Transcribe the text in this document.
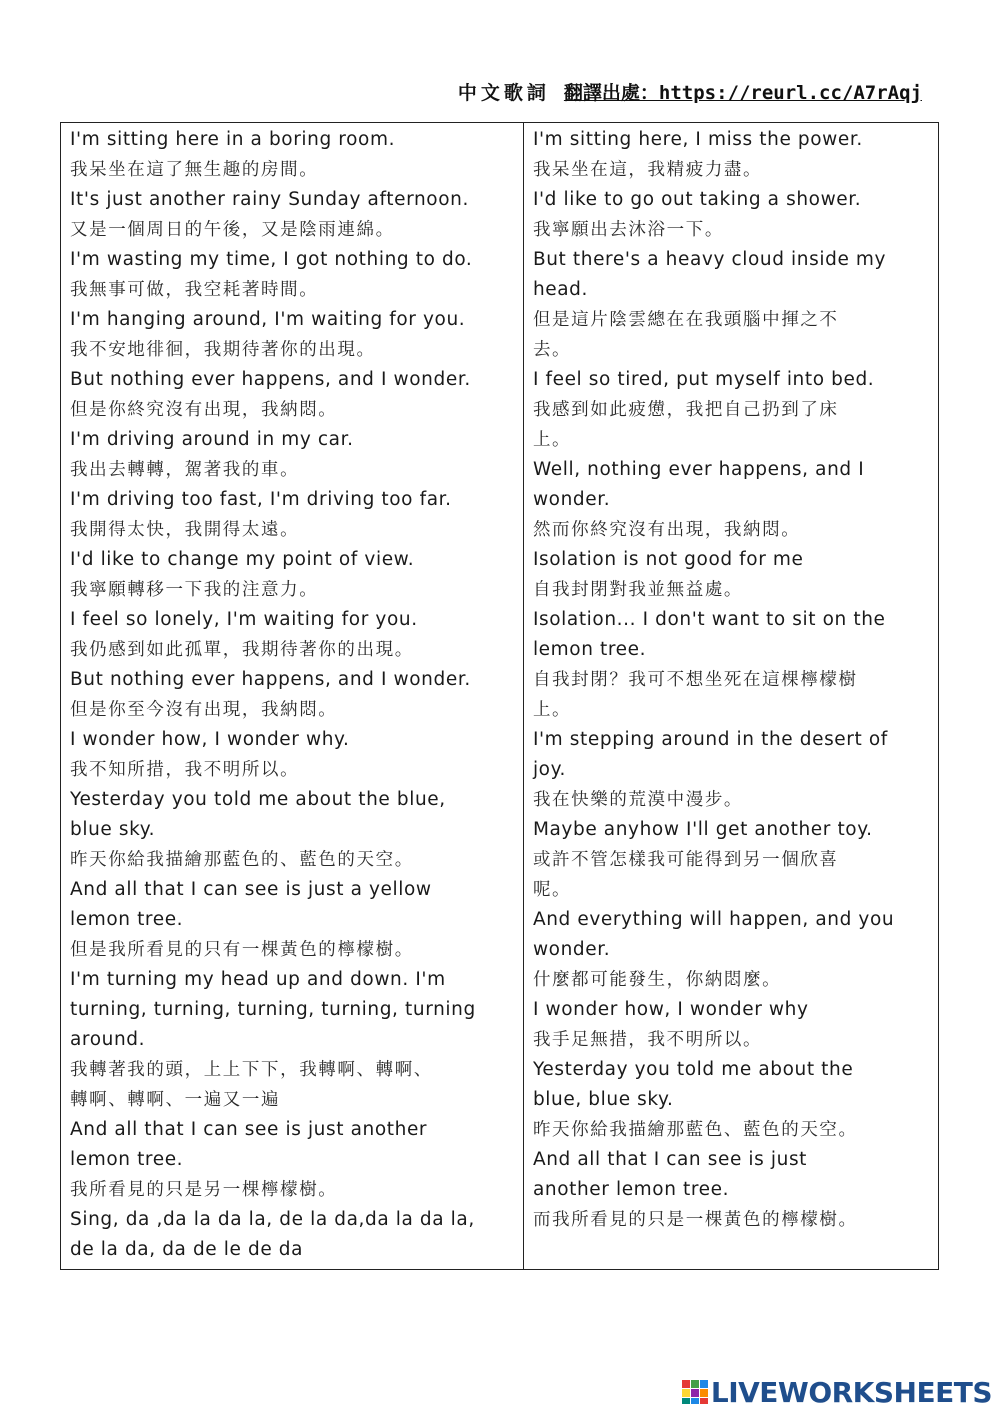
中文歌詞 翻譯出處：https://reurl.cc/A7rAqj
I'm sitting here in a boring room.
我呆坐在這了無生趣的房間。
It's just another rainy Sunday afternoon.
又是一個周日的午後，又是陰雨連綿。
I'm wasting my time, I got nothing to do.
我無事可做，我空耗著時間。
I'm hanging around, I'm waiting for you.
我不安地徘徊，我期待著你的出現。
But nothing ever happens, and I wonder.
但是你終究沒有出現，我納悶。
I'm driving around in my car.
我出去轉轉，駕著我的車。
I'm driving too fast, I'm driving too far.
我開得太快，我開得太遠。
I'd like to change my point of view.
我寧願轉移一下我的注意力。
I feel so lonely, I'm waiting for you.
我仍感到如此孤單，我期待著你的出現。
But nothing ever happens, and I wonder.
但是你至今沒有出現，我納悶。
I wonder how, I wonder why.
我不知所措，我不明所以。
Yesterday you told me about the blue,
blue sky.
昨天你給我描繪那藍色的、藍色的天空。
And all that I can see is just a yellow
lemon tree.
但是我所看見的只有一棵黃色的檸檬樹。
I'm turning my head up and down. I'm
turning, turning, turning, turning, turning
around.
我轉著我的頭，上上下下，我轉啊、轉啊、
轉啊、轉啊、一遍又一遍
And all that I can see is just another
lemon tree.
我所看見的只是另一棵檸檬樹。
Sing, da ,da la da la, de la da,da la da la,
de la da, da de le de da
I'm sitting here, I miss the power.
我呆坐在這，我精疲力盡。
I'd like to go out taking a shower.
我寧願出去沐浴一下。
But there's a heavy cloud inside my
head.
但是這片陰雲總在在我頭腦中揮之不
去。
I feel so tired, put myself into bed.
我感到如此疲憊，我把自己扔到了床
上。
Well, nothing ever happens, and I
wonder.
然而你終究沒有出現，我納悶。
Isolation is not good for me
自我封閉對我並無益處。
Isolation... I don't want to sit on the
lemon tree.
自我封閉？我可不想坐死在這棵檸檬樹
上。
I'm stepping around in the desert of
joy.
我在快樂的荒漠中漫步。
Maybe anyhow I'll get another toy.
或許不管怎樣我可能得到另一個欣喜
呢。
And everything will happen, and you
wonder.
什麼都可能發生，你納悶麼。
I wonder how, I wonder why
我手足無措，我不明所以。
Yesterday you told me about the
blue, blue sky.
昨天你給我描繪那藍色、藍色的天空。
And all that I can see is just
another lemon tree.
而我所看見的只是一棵黃色的檸檬樹。
LIVEWORKSHEETS
